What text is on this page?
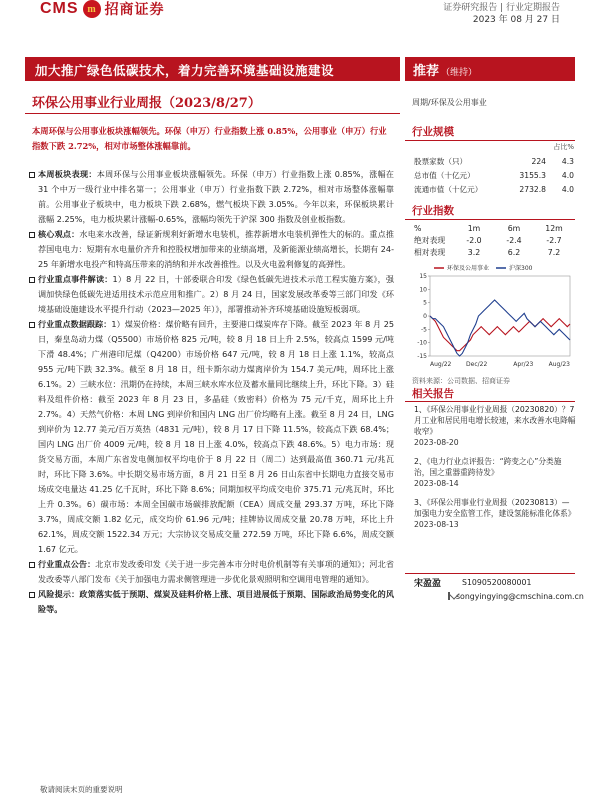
CMS m 招商证券	证券研究报告 | 行业定期报告
2023 年 08 月 27 日
加大推广绿色低碳技术，着力完善环境基础设施建设	推荐 （维持）
环保公用事业行业周报（2023/8/27）	周期/环保及公用事业
本周环保与公用事业板块涨幅领先。环保（申万）行业指数上涨 0.85%，公用事业（申万）行业指数下跌 2.72%，相对市场整体涨幅靠前。
本周板块表现：本周环保与公用事业板块涨幅领先。环保（申万）行业指数上涨 0.85%，涨幅在 31 个中万一级行业中排名第一；公用事业（申万）行业指数下跌 2.72%，相对市场整体涨幅靠前。公用事业子板块中，电力板块下跌 2.68%，燃气板块下跌 3.05%。今年以来，环保板块累计涨幅 2.25%，电力板块累计涨幅-0.65%，涨幅均领先于沪深 300 指数及创业板指数。
核心观点：水电来水改善，绿证新规利好新增水电装机，推荐新增水电装机弹性大的标的。重点推荐国电电力：短期有水电量价齐升和控股权增加带来的业绩高增，及新能源业绩高增长，长期有 24-25 年新增水电投产和特高压带来的消纳和并水改善推性。以及火电盈利修复的高弹性。
行业重点事件解读：1）8 月 22 日，十部委联合印发《绿色低碳先进技术示范工程实施方案》，强调加快绿色低碳先进适用技术示范应用和推广。2）8 月 24 日，国家发展改革委等三部门印发《环境基础设施建设水平提升行动（2023—2025 年）》，部署推动补齐环境基础设施短板弱项。
行业重点数据跟踪：1）煤炭价格：煤价略有回升，主要港口煤炭库存下降。截至 2023 年 8 月 25 日，秦皇岛动力煤（Q5500）市场价格 825 元/吨，较 8 月 18 日上升 2.5%，较高点 1599 元/吨下滑 48.4%；广州港印尼煤（Q4200）市场价格 647 元/吨，较 8 月 18 日上涨 1.1%，较高点 955 元/吨下跌 32.3%。截至 8 月 18 日，纽卡斯尔动力煤离岸价为 154.7 美元/吨，周环比上涨 6.1%。2）三峡水位：汛期仍在持续，本周三峡水库水位及蓄水量同比继续上升，环比下降。3）硅料及组件价格：截至 2023 年 8 月 23 日，多晶硅（致密料）价格为 75 元/千克，周环比上升 2.7%。4）天然气价格：本周 LNG 到岸价和国内 LNG 出厂价均略有上涨。截至 8 月 24 日，LNG 到岸价为 12.77 美元/百万英热（4831 元/吨），较 8 月 17 日下降 11.5%，较高点下跌 68.4%；国内 LNG 出厂价 4009 元/吨，较 8 月 18 日上涨 4.0%，较高点下跌 48.6%。5）电力市场：现货交易方面，本周广东省发电侧加权平均电价于 8 月 22 日（周二）达到最高值 360.71 元/兆瓦时，环比下降 3.6%。中长期交易市场方面，8 月 21 日至 8 月 26 日山东省中长期电力直接交易市场成交电量达 41.25 亿千瓦时，环比下降 8.6%；同期加权平均成交电价 375.71 元/兆瓦时，环比上升 0.3%。6）碳市场：本周全国碳市场碳排放配额（CEA）周成交量 293.37 万吨，环比下降 3.7%，周成交额 1.82 亿元，成交均价 61.96 元/吨；挂牌协议周成交量 20.78 万吨，环比上升 62.1%，周成交额 1522.34 万元；大宗协议交易成交量 272.59 万吨，环比下降 6.6%，周成交额 1.67 亿元。
行业重点公告：北京市发改委印发《关于进一步完善本市分时电价机制等有关事项的通知》；河北省发改委等八部门发布《关于加强电力需求侧管理进一步优化景观照明和空调用电管理的通知》。
风险提示：政策落实低于预期、煤炭及硅料价格上涨、项目进展低于预期、国际政治局势变化的风险等。
行业规模
占比%
股票家数（只）	224	4.3
总市值（十亿元）	3155.3	4.0
流通市值（十亿元）	2732.8	4.0
行业指数
%	1m	6m	12m
绝对表现	-2.0	-2.4	-2.7
相对表现	3.2	6.2	7.2
15
10
5
0
-5
-10
-15
Aug/22 Dec/22	Apr/23	Aug/23
环保及公用事业	沪深300
资料来源：公司数据、招商证券
相关报告
1、《环保公用事业行业周报（20230820）？7 月工业和居民用电增长较速，来水改善水电降幅收窄》
2023-08-20
2、《电力行业点评报告：“跨变之心”分类施治，国之重器重跨待发》
2023-08-14
3、《环保公用事业行业周报（20230813）—加强电力安全监管工作，建设氢能标准化体系》
2023-08-13
宋盈盈	S1090520080001
songyingying@cmschina.com.cn
敬请阅读末页的重要说明
